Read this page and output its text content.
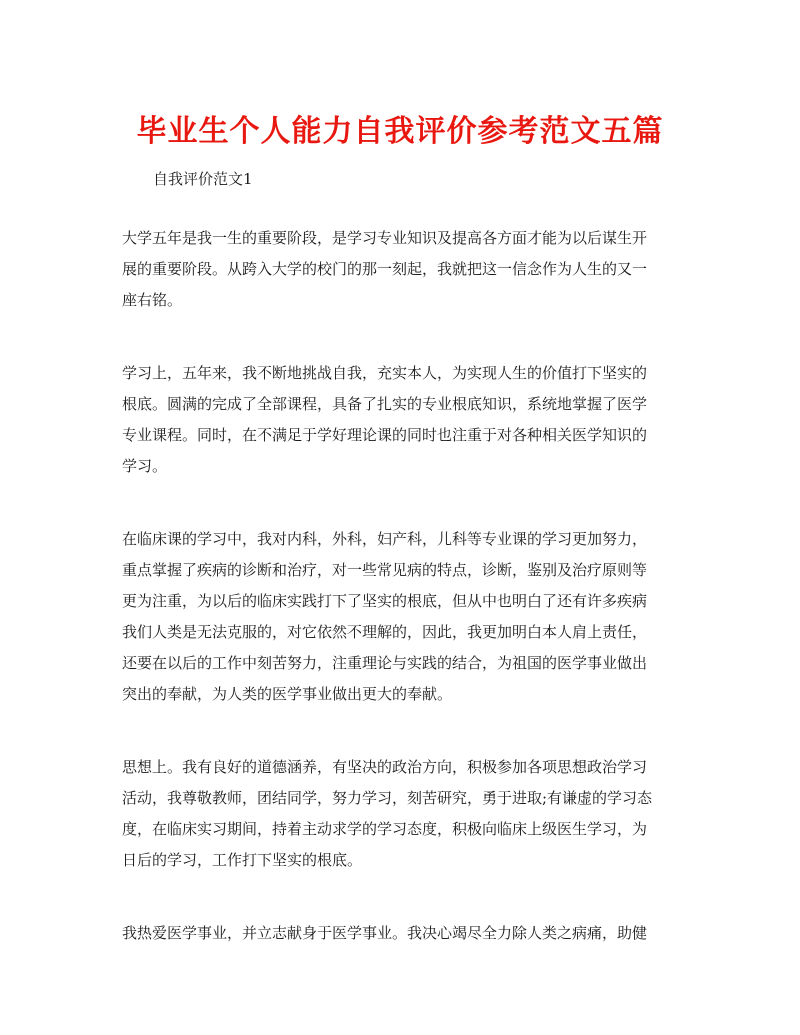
毕业生个人能力自我评价参考范文五篇
自我评价范文1

大学五年是我一生的重要阶段，是学习专业知识及提高各方面才能为以后谋生开
展的重要阶段。从跨入大学的校门的那一刻起，我就把这一信念作为人生的又一
座右铭。

学习上，五年来，我不断地挑战自我，充实本人，为实现人生的价值打下坚实的
根底。圆满的完成了全部课程，具备了扎实的专业根底知识，系统地掌握了医学
专业课程。同时，在不满足于学好理论课的同时也注重于对各种相关医学知识的
学习。

在临床课的学习中，我对内科，外科，妇产科，儿科等专业课的学习更加努力，
重点掌握了疾病的诊断和治疗，对一些常见病的特点，诊断，鉴别及治疗原则等
更为注重，为以后的临床实践打下了坚实的根底，但从中也明白了还有许多疾病
我们人类是无法克服的，对它依然不理解的，因此，我更加明白本人肩上责任，
还要在以后的工作中刻苦努力，注重理论与实践的结合，为祖国的医学事业做出
突出的奉献，为人类的医学事业做出更大的奉献。

思想上。我有良好的道德涵养，有坚决的政治方向，积极参加各项思想政治学习
活动，我尊敬教师，团结同学，努力学习，刻苦研究，勇于进取;有谦虚的学习态
度，在临床实习期间，持着主动求学的学习态度，积极向临床上级医生学习，为
日后的学习，工作打下坚实的根底。

我热爱医学事业，并立志献身于医学事业。我决心竭尽全力除人类之病痛，助健
